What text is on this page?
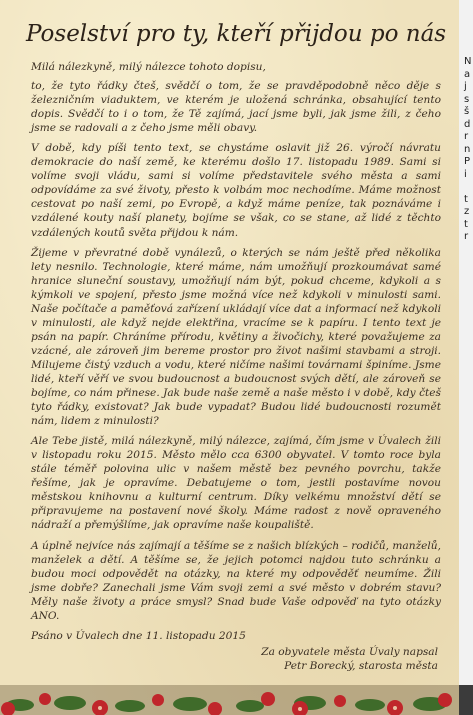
Poselství pro ty, kteří přijdou po nás

Milá nálezkyně, milý nálezce tohoto dopisu,

to, že tyto řádky čteš, svědčí o tom, že se pravděpodobně něco děje s železničním viaduktem, ve kterém je uložená schránka, obsahující tento dopis. Svědčí to i o tom, že Tě zajímá, jací jsme byli, jak jsme žili, z čeho jsme se radovali a z čeho jsme měli obavy.

V době, kdy píši tento text, se chystáme oslavit již 26. výročí návratu demokracie do naší země, ke kterému došlo 17. listopadu 1989. Sami si volíme svoji vládu, sami si volíme představitele svého města a sami odpovídáme za své životy, přesto k volbám moc nechodíme. Máme možnost cestovat po naší zemi, po Evropě, a když máme peníze, tak poznáváme i vzdálené kouty naší planety, bojíme se však, co se stane, až lidé z těchto vzdálených koutů světa přijdou k nám.

Žijeme v převratné době vynálezů, o kterých se nám ještě před několika lety nesnilo. Technologie, které máme, nám umožňují prozkoumávat samé hranice sluneční soustavy, umožňují nám být, pokud chceme, kdykoli a s kýmkoli ve spojení, přesto jsme možná více než kdykoli v minulosti sami. Naše počítače a paměťová zařízení ukládají více dat a informací než kdykoli v minulosti, ale když nejde elektřina, vracíme se k papíru. I tento text je psán na papír. Chráníme přírodu, květiny a živočichy, které považujeme za vzácné, ale zároveň jim bereme prostor pro život našimi stavbami a stroji. Milujeme čistý vzduch a vodu, které ničíme našimi továrnami špiníme. Jsme lidé, kteří věří ve svou budoucnost a budoucnost svých dětí, ale zároveň se bojíme, co nám přinese. Jak bude naše země a naše město i v době, kdy čteš tyto řádky, existovat? Jak bude vypadat? Budou lidé budoucnosti rozumět nám, lidem z minulosti?

Ale Tebe jistě, milá nálezkyně, milý nálezce, zajímá, čím jsme v Úvalech žili v listopadu roku 2015. Město mělo cca 6300 obyvatel. V tomto roce byla stále téměř polovina ulic v našem městě bez pevného povrchu, takže řešíme, jak je opravíme. Debatujeme o tom, jestli postavíme novou městskou knihovnu a kulturní centrum. Díky velkému množství dětí se připravujeme na postavení nové školy. Máme radost z nově opraveného nádraží a přemýšlíme, jak opravíme naše koupaliště.

A úplně nejvíce nás zajímají a těšíme se z našich blízkých – rodičů, manželů, manželek a dětí. A těšíme se, že jejich potomci najdou tuto schránku a budou moci odpovědět na otázky, na které my odpověděť neumíme. Žili jsme dobře? Zanechali jsme Vám svoji zemi a své město v dobrém stavu? Měly naše životy a práce smysl? Snad bude Vaše odpověď na tyto otázky ANO.

Psáno v Úvalech dne 11. listopadu 2015

Za obyvatele města Úvaly napsal
Petr Borecký, starosta města
N
a
j
s
š
d
r
n
P
i

t
z
t
r
